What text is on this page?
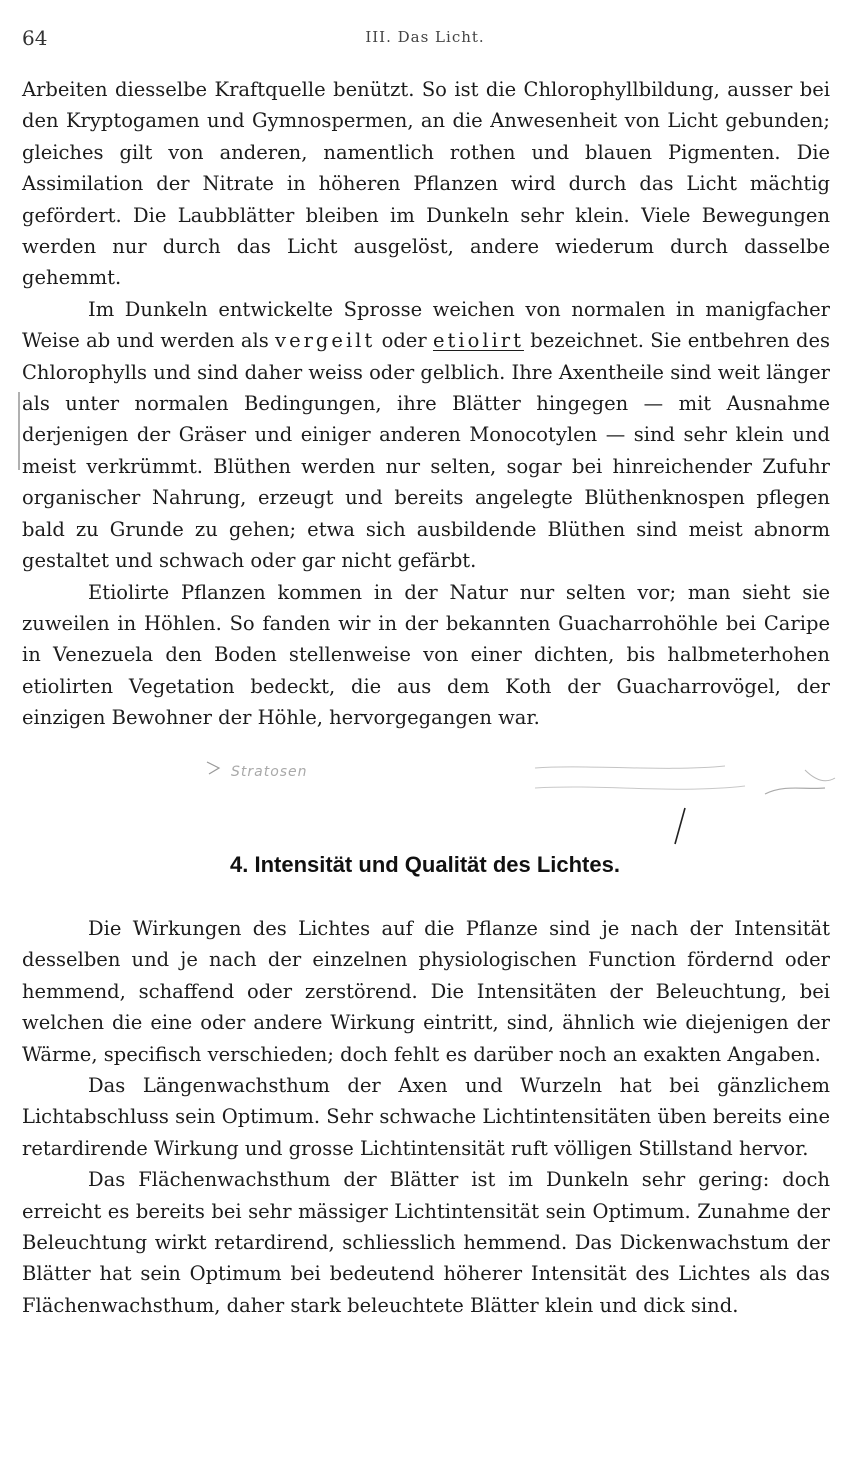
64	III. Das Licht.

Arbeiten diesselbe Kraftquelle benützt. So ist die Chlorophyllbildung, ausser bei den Kryptogamen und Gymnospermen, an die Anwesenheit von Licht gebunden; gleiches gilt von anderen, namentlich rothen und blauen Pigmenten. Die Assimilation der Nitrate in höheren Pflanzen wird durch das Licht mächtig gefördert. Die Laubblätter bleiben im Dunkeln sehr klein. Viele Bewegungen werden nur durch das Licht ausgelöst, andere wiederum durch dasselbe gehemmt.

Im Dunkeln entwickelte Sprosse weichen von normalen in manigfacher Weise ab und werden als vergeilt oder etiolirt bezeichnet. Sie entbehren des Chlorophylls und sind daher weiss oder gelblich. Ihre Axentheile sind weit länger als unter normalen Bedingungen, ihre Blätter hingegen — mit Ausnahme derjenigen der Gräser und einiger anderen Monocotylen — sind sehr klein und meist verkrümmt. Blüthen werden nur selten, sogar bei hinreichender Zufuhr organischer Nahrung, erzeugt und bereits angelegte Blüthenknospen pflegen bald zu Grunde zu gehen; etwa sich ausbildende Blüthen sind meist abnorm gestaltet und schwach oder gar nicht gefärbt.

Etiolirte Pflanzen kommen in der Natur nur selten vor; man sieht sie zuweilen in Höhlen. So fanden wir in der bekannten Guacharrohöhle bei Caripe in Venezuela den Boden stellenweise von einer dichten, bis halbmeterhohen etiolirten Vegetation bedeckt, die aus dem Koth der Guacharrovögel, der einzigen Bewohner der Höhle, hervorgegangen war.

Stratosen
4. Intensität und Qualität des Lichtes.

Die Wirkungen des Lichtes auf die Pflanze sind je nach der Intensität desselben und je nach der einzelnen physiologischen Function fördernd oder hemmend, schaffend oder zerstörend. Die Intensitäten der Beleuchtung, bei welchen die eine oder andere Wirkung eintritt, sind, ähnlich wie diejenigen der Wärme, specifisch verschieden; doch fehlt es darüber noch an exakten Angaben.

Das Längenwachsthum der Axen und Wurzeln hat bei gänzlichem Lichtabschluss sein Optimum. Sehr schwache Lichtintensitäten üben bereits eine retardirende Wirkung und grosse Lichtintensität ruft völligen Stillstand hervor.

Das Flächenwachsthum der Blätter ist im Dunkeln sehr gering: doch erreicht es bereits bei sehr mässiger Lichtintensität sein Optimum. Zunahme der Beleuchtung wirkt retardirend, schliesslich hemmend. Das Dickenwachstum der Blätter hat sein Optimum bei bedeutend höherer Intensität des Lichtes als das Flächenwachsthum, daher stark beleuchtete Blätter klein und dick sind.
